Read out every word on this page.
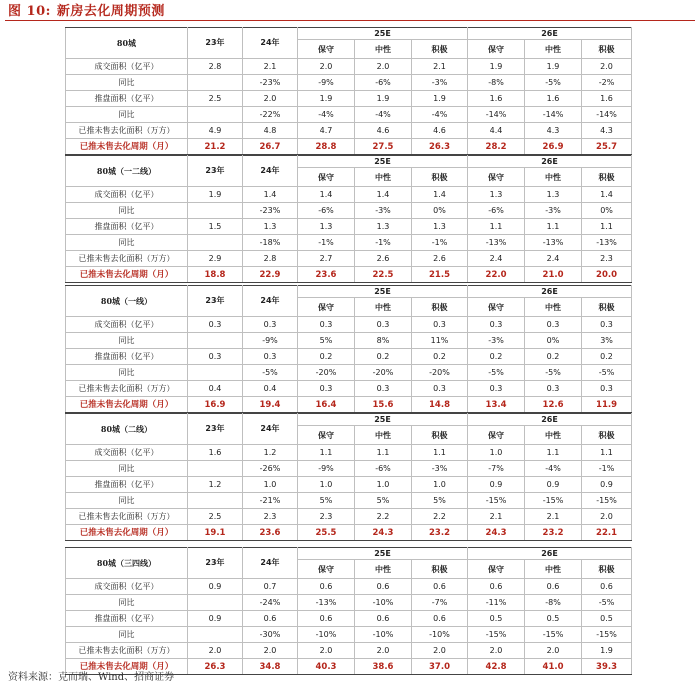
图 10: 新房去化周期预测
80城	23年	24年	25E			26E		
			保守	中性	积极	保守	中性	积极
成交面积（亿平）	2.8	2.1	2.0	2.0	2.1	1.9	1.9	2.0
同比		-23%	-9%	-6%	-3%	-8%	-5%	-2%
推盘面积（亿平）	2.5	2.0	1.9	1.9	1.9	1.6	1.6	1.6
同比		-22%	-4%	-4%	-4%	-14%	-14%	-14%
已推未售去化面积（万方）	4.9	4.8	4.7	4.6	4.6	4.4	4.3	4.3
已推未售去化周期（月）	21.2	26.7	28.8	27.5	26.3	28.2	26.9	25.7
80城（一二线）	23年	24年	25E			26E		
			保守	中性	积极	保守	中性	积极
成交面积（亿平）	1.9	1.4	1.4	1.4	1.4	1.3	1.3	1.4
同比		-23%	-6%	-3%	0%	-6%	-3%	0%
推盘面积（亿平）	1.5	1.3	1.3	1.3	1.3	1.1	1.1	1.1
同比		-18%	-1%	-1%	-1%	-13%	-13%	-13%
已推未售去化面积（万方）	2.9	2.8	2.7	2.6	2.6	2.4	2.4	2.3
已推未售去化周期（月）	18.8	22.9	23.6	22.5	21.5	22.0	21.0	20.0
80城（一线）	23年	24年	25E			26E		
			保守	中性	积极	保守	中性	积极
成交面积（亿平）	0.3	0.3	0.3	0.3	0.3	0.3	0.3	0.3
同比		-9%	5%	8%	11%	-3%	0%	3%
推盘面积（亿平）	0.3	0.3	0.2	0.2	0.2	0.2	0.2	0.2
同比		-5%	-20%	-20%	-20%	-5%	-5%	-5%
已推未售去化面积（万方）	0.4	0.4	0.3	0.3	0.3	0.3	0.3	0.3
已推未售去化周期（月）	16.9	19.4	16.4	15.6	14.8	13.4	12.6	11.9
80城（二线）	23年	24年	25E			26E		
			保守	中性	积极	保守	中性	积极
成交面积（亿平）	1.6	1.2	1.1	1.1	1.1	1.0	1.1	1.1
同比		-26%	-9%	-6%	-3%	-7%	-4%	-1%
推盘面积（亿平）	1.2	1.0	1.0	1.0	1.0	0.9	0.9	0.9
同比		-21%	5%	5%	5%	-15%	-15%	-15%
已推未售去化面积（万方）	2.5	2.3	2.3	2.2	2.2	2.1	2.1	2.0
已推未售去化周期（月）	19.1	23.6	25.5	24.3	23.2	24.3	23.2	22.1
80城（三四线）	23年	24年	25E			26E		
			保守	中性	积极	保守	中性	积极
成交面积（亿平）	0.9	0.7	0.6	0.6	0.6	0.6	0.6	0.6
同比		-24%	-13%	-10%	-7%	-11%	-8%	-5%
推盘面积（亿平）	0.9	0.6	0.6	0.6	0.6	0.5	0.5	0.5
同比		-30%	-10%	-10%	-10%	-15%	-15%	-15%
已推未售去化面积（万方）	2.0	2.0	2.0	2.0	2.0	2.0	2.0	1.9
已推未售去化周期（月）	26.3	34.8	40.3	38.6	37.0	42.8	41.0	39.3
资料来源：克而瑞、Wind、招商证券
